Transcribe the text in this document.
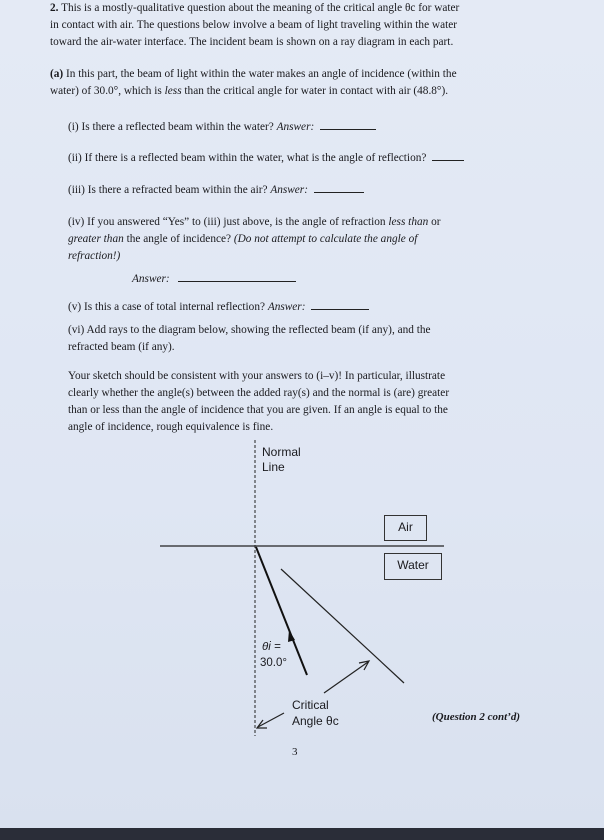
2. This is a mostly-qualitative question about the meaning of the critical angle θc for water
in contact with air. The questions below involve a beam of light traveling within the water
toward the air-water interface. The incident beam is shown on a ray diagram in each part.
(a) In this part, the beam of light within the water makes an angle of incidence (within the
water) of 30.0°, which is less than the critical angle for water in contact with air (48.8°).
(i) Is there a reflected beam within the water? Answer:
(ii) If there is a reflected beam within the water, what is the angle of reflection?
(iii) Is there a refracted beam within the air? Answer:
(iv) If you answered “Yes” to (iii) just above, is the angle of refraction less than or
greater than the angle of incidence? (Do not attempt to calculate the angle of
refraction!)
Answer:
(v) Is this a case of total internal reflection? Answer:
(vi) Add rays to the diagram below, showing the reflected beam (if any), and the
refracted beam (if any).
Your sketch should be consistent with your answers to (i–v)! In particular, illustrate
clearly whether the angle(s) between the added ray(s) and the normal is (are) greater
than or less than the angle of incidence that you are given. If an angle is equal to the
angle of incidence, rough equivalence is fine.
Normal
Line
Air
Water
θi =
30.0°
Critical
Angle θc	(Question 2 cont’d)
3
